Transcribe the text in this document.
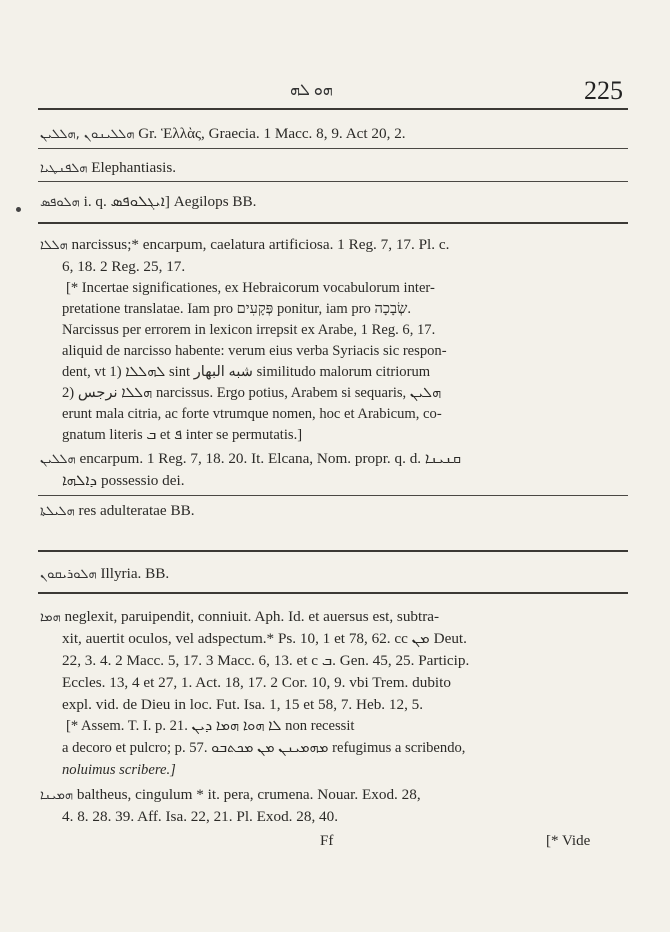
ܗܘ ܠܗ	225
ܗܠܠܝܢܘܢ ,ܗܠܠܝܢ Gr. Ἑλλὰς, Graecia. 1 Macc. 8, 9. Act 20, 2.
ܗܠܦܢܛܝܐ Elephantiasis.
ܗܠܘܦܣ i. q. ܐܝܓܠܘܦܣ] Aegilops BB.
ܗܠܠܐ narcissus;* encarpum, caelatura artificiosa. 1 Reg. 7, 17. Pl. c.
6, 18. 2 Reg. 25, 17.
[* Incertae significationes, ex Hebraicorum vocabulorum inter-
pretatione translatae. Iam pro פְּקָעִים ponitur, iam pro שְׂבָכָה.
Narcissus per errorem in lexicon irrepsit ex Arabe, 1 Reg. 6, 17.
aliquid de narcisso habente: verum eius verba Syriacis sic respon-
dent, vt 1) ܠܗܠܠܐ sint شبه البهار similitudo malorum citriorum
2) ܗܠܠܐ نرجس narcissus. Ergo potius, Arabem si sequaris, ܗܠܝܢ
erunt mala citria, ac forte vtrumque nomen, hoc et Arabicum, co-
gnatum literis ܒ et ܦ inter se permutatis.]
ܗܠܠܝܢ encarpum. 1 Reg. 7, 18. 20. It. Elcana, Nom. propr. q. d. ܩܢܝܢܐ
ܕܐܠܗܐ possessio dei.
ܗܠܝܠܬܐ res adulteratae BB.
ܗܠܘܪܝܩܘܢ Illyria. BB.
ܗܡܐ neglexit, paruipendit, conniuit. Aph. Id. et auersus est, subtra-
xit, auertit oculos, vel adspectum.* Ps. 10, 1 et 78, 62. cc ܡܢ Deut.
22, 3. 4. 2 Macc. 5, 17. 3 Macc. 6, 13. et c ܒ. Gen. 45, 25. Particip.
Eccles. 13, 4 et 27, 1. Act. 18, 17. 2 Cor. 10, 9. vbi Trem. dubito
expl. vid. de Dieu in loc. Fut. Isa. 1, 15 et 58, 7. Heb. 12, 5.
[* Assem. T. I. p. 21. ܠܐ ܗܘܐ ܗܡܐ ܕܝܢ non recessit
a decoro et pulcro; p. 57. ܡܗܡܝܢܢ ܡܢ ܡܟܬܒܘ refugimus a scribendo,
noluimus scribere.]
ܗܡܝܢܐ baltheus, cingulum * it. pera, crumena. Nouar. Exod. 28,
4. 8. 28. 39. Aff. Isa. 22, 21. Pl. Exod. 28, 40.
Ff	[* Vide
